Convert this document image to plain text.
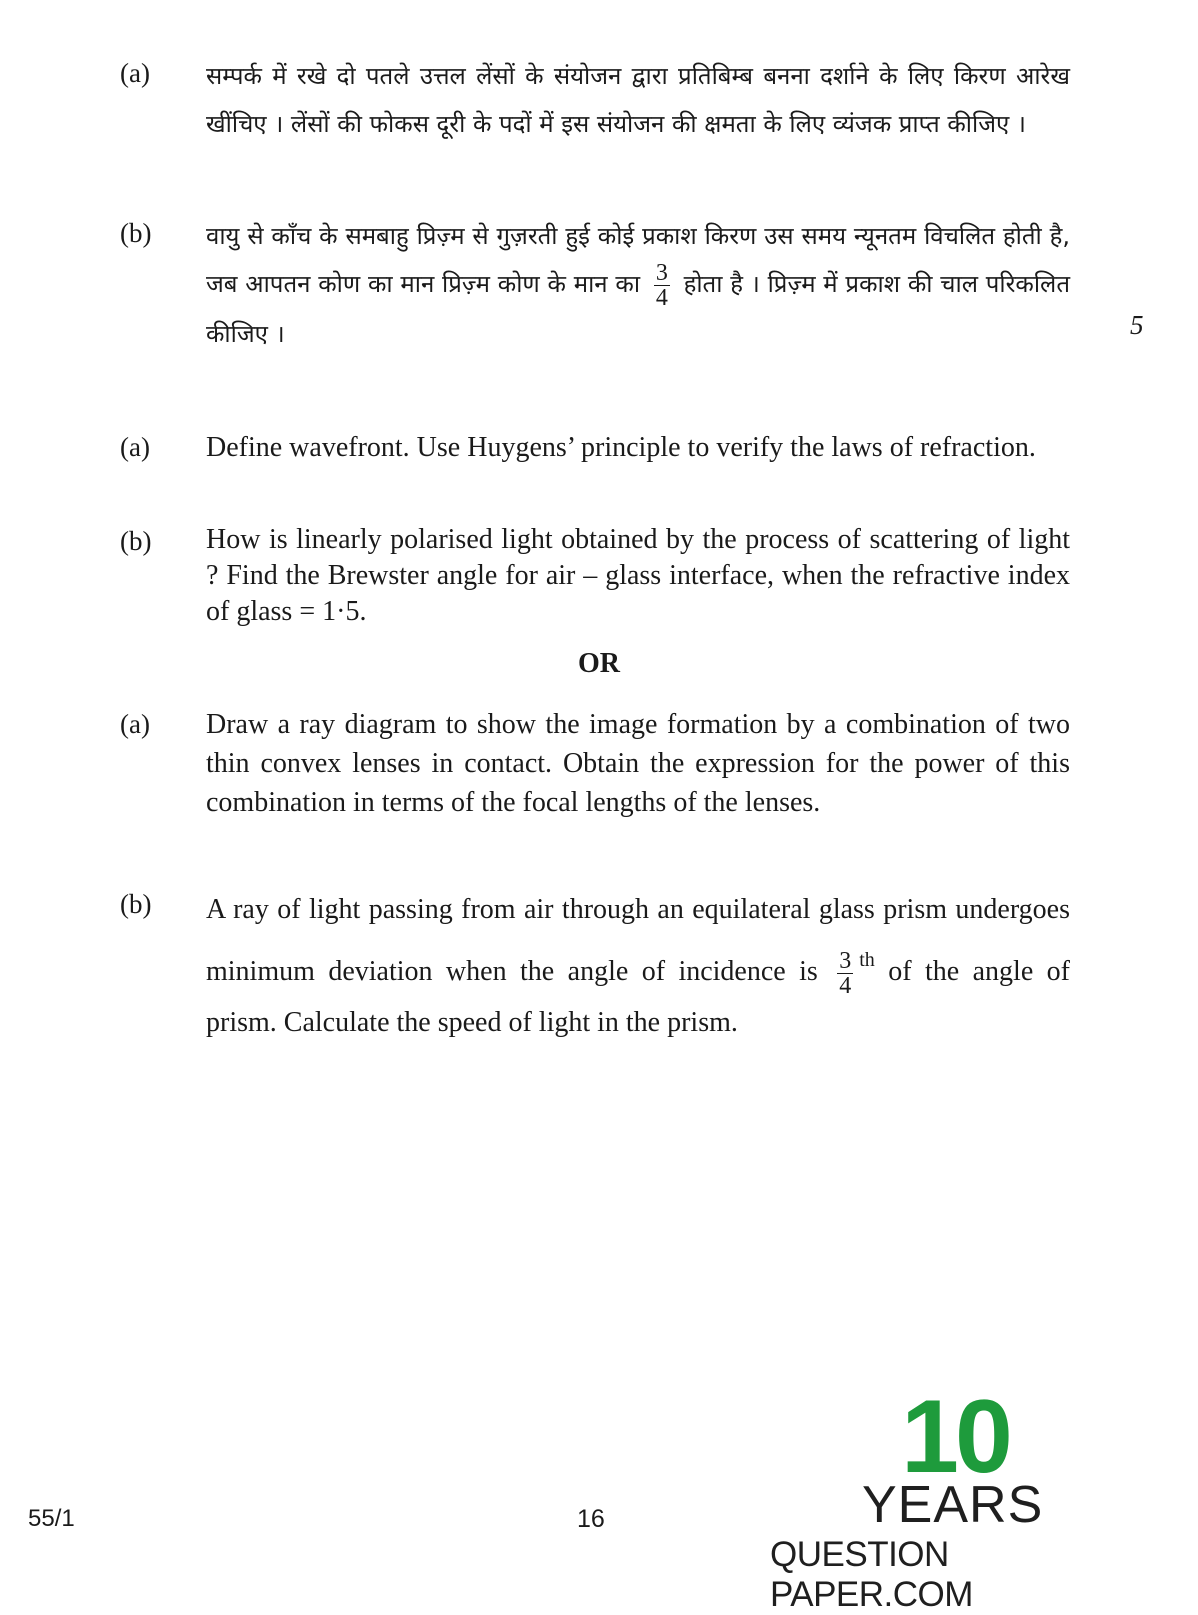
(a) सम्पर्क में रखे दो पतले उत्तल लेंसों के संयोजन द्वारा प्रतिबिम्ब बनना दर्शाने के लिए किरण आरेख खींचिए । लेंसों की फोकस दूरी के पदों में इस संयोजन की क्षमता के लिए व्यंजक प्राप्त कीजिए ।
(b) वायु से काँच के समबाहु प्रिज़्म से गुज़रती हुई कोई प्रकाश किरण उस समय न्यूनतम विचलित होती है, जब आपतन कोण का मान प्रिज़्म कोण के मान का $\frac{3}{4}$ होता है । प्रिज़्म में प्रकाश की चाल परिकलित कीजिए ।	5
(a) Define wavefront. Use Huygens’ principle to verify the laws of refraction.
(b) How is linearly polarised light obtained by the process of scattering of light ? Find the Brewster angle for air – glass interface, when the refractive index of glass = 1·5.
OR
(a) Draw a ray diagram to show the image formation by a combination of two thin convex lenses in contact. Obtain the expression for the power of this combination in terms of the focal lengths of the lenses.
(b) A ray of light passing from air through an equilateral glass prism undergoes minimum deviation when the angle of incidence is $\frac{3}{4} ^{th}$ of the angle of prism. Calculate the speed of light in the prism.
55/1	16
10
YEARS
QUESTION PAPER.COM
